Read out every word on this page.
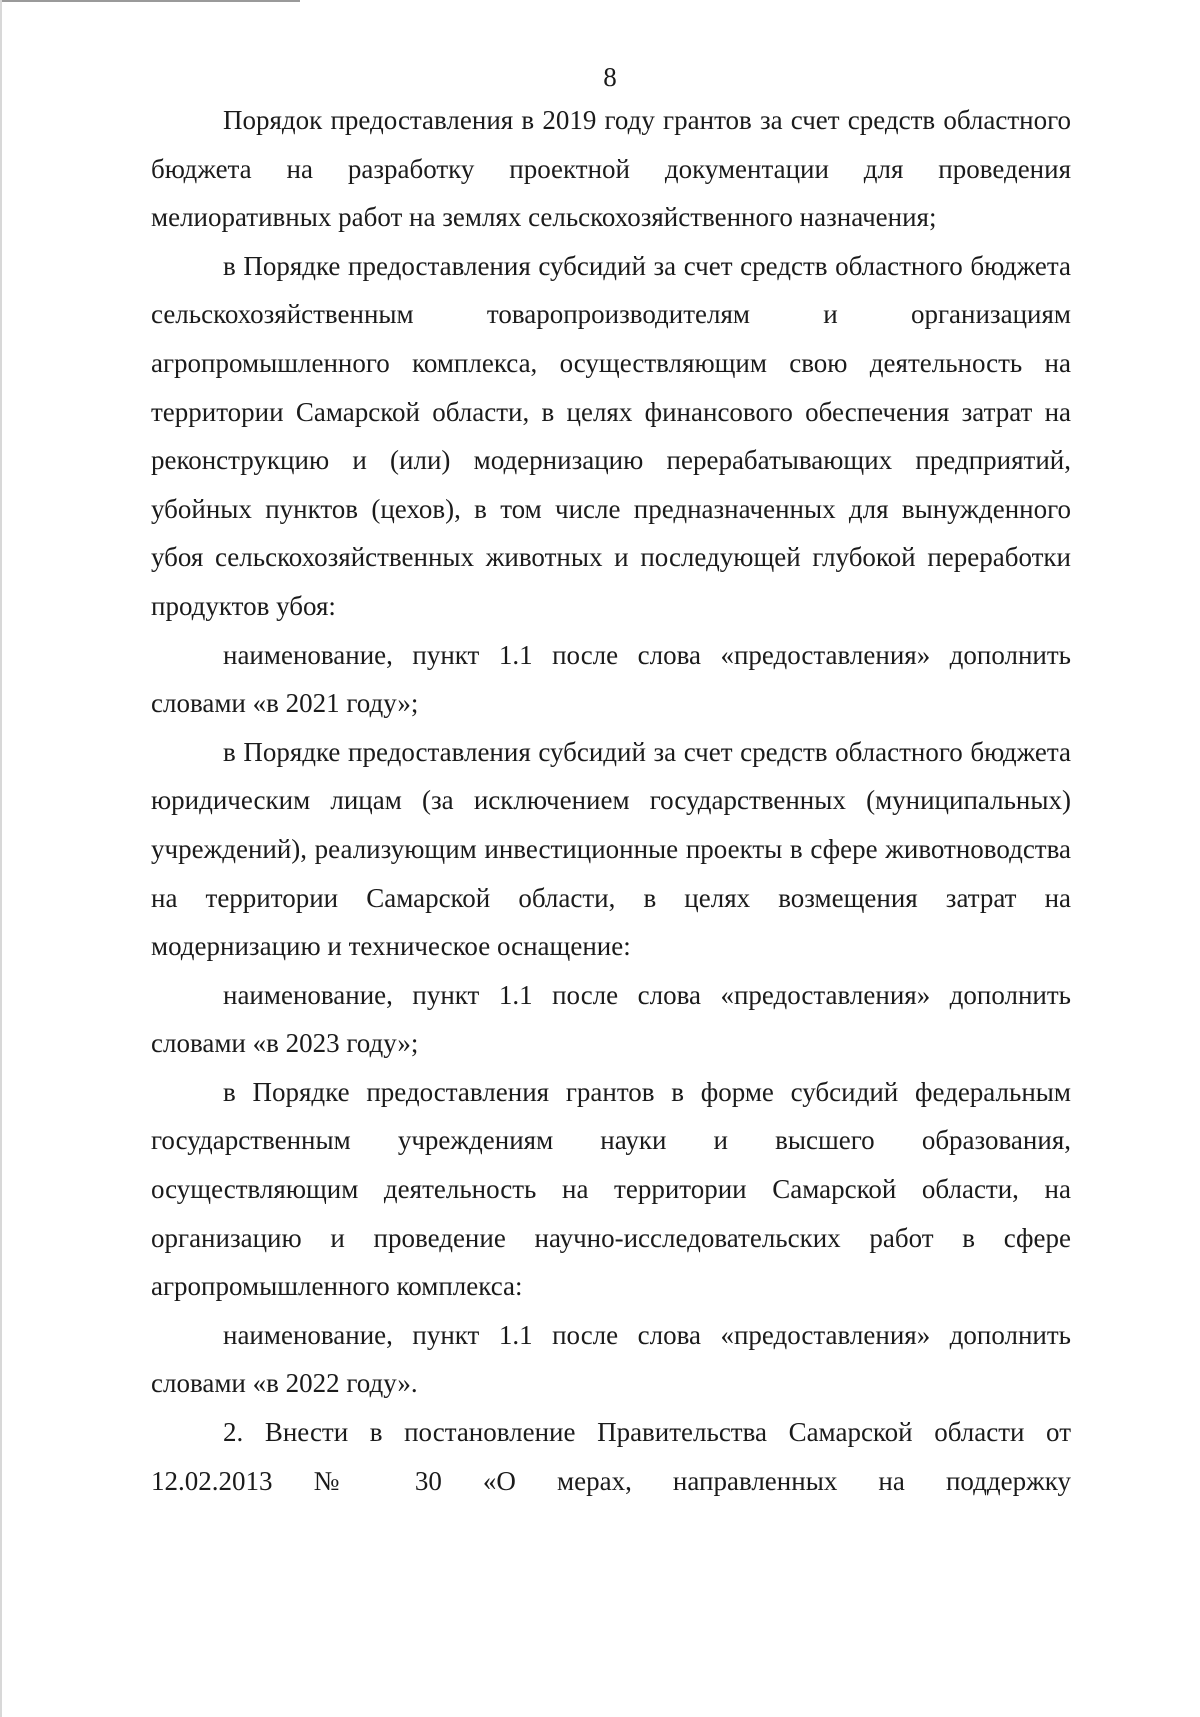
8

Порядок предоставления в 2019 году грантов за счет средств областного бюджета на разработку проектной документации для проведения мелиоративных работ на землях сельскохозяйственного назначения;

в Порядке предоставления субсидий за счет средств областного бюджета сельскохозяйственным товаропроизводителям и организациям агропромышленного комплекса, осуществляющим свою деятельность на территории Самарской области, в целях финансового обеспечения затрат на реконструкцию и (или) модернизацию перерабатывающих предприятий, убойных пунктов (цехов), в том числе предназначенных для вынужденного убоя сельскохозяйственных животных и последующей глубокой переработки продуктов убоя:

наименование, пункт 1.1 после слова «предоставления» дополнить словами «в 2021 году»;

в Порядке предоставления субсидий за счет средств областного бюджета юридическим лицам (за исключением государственных (муниципальных) учреждений), реализующим инвестиционные проекты в сфере животноводства на территории Самарской области, в целях возмещения затрат на модернизацию и техническое оснащение:

наименование, пункт 1.1 после слова «предоставления» дополнить словами «в 2023 году»;

в Порядке предоставления грантов в форме субсидий федеральным государственным учреждениям науки и высшего образования, осуществляющим деятельность на территории Самарской области, на организацию и проведение научно-исследовательских работ в сфере агропромышленного комплекса:

наименование, пункт 1.1 после слова «предоставления» дополнить словами «в 2022 году».

2. Внести в постановление Правительства Самарской области от 12.02.2013 № 30 «О мерах, направленных на поддержку
